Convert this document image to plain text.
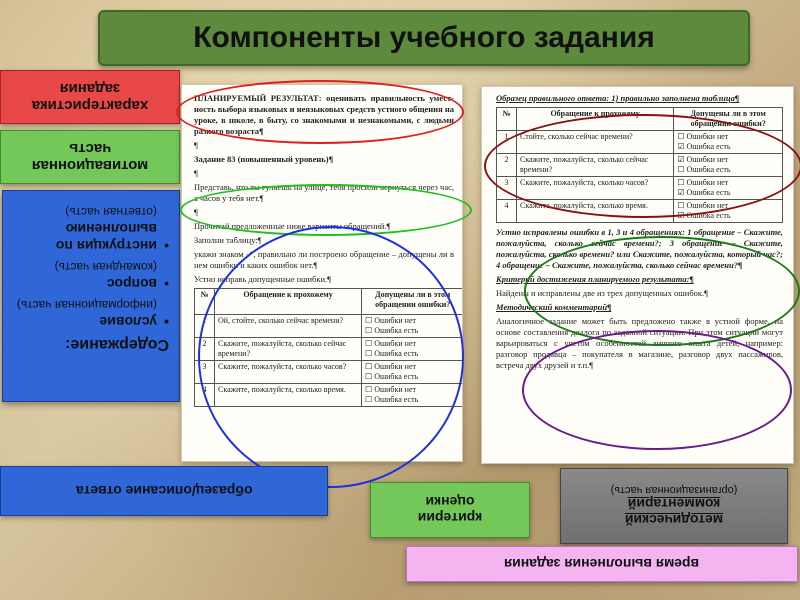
Компоненты учебного задания
характеристика задания
мотивационная часть
Содержание:
• условие
(информационная часть)
• вопрос
(командная часть)
• инструкция по выполнению
(ответная часть)

ПЛАНИРУЕМЫЙ РЕЗУЛЬТАТ: оценивать правильность умест- ность выбора языковых и неязыковых средств устного общения на уроке, в школе, в быту, со знакомыми и незнакомыми, с людьми разного возраста¶

¶

Задание 83 (повышенный уровень)¶

¶

Представь, что ты гуляешь на улице, тебя просили вернуться через час, а часов у тебя нет.¶

¶

Прочитай предложенные ниже варианты обращений.¶

Заполни таблицу:¶

укажи знаком ✓, правильно ли построено обращение – допущены ли в нем ошибки и каких ошибок нет.¶

Устно исправь допущенные ошибки.¶

№	Обращение к прохожему	Допущены ли в этом обращении ошибки?
1	Ой, стойте, сколько сейчас времени?	☐ Ошибки нет
☐ Ошибка есть
2	Скажите, пожалуйста, сколько сейчас времени?	☐ Ошибки нет
☐ Ошибка есть
3	Скажите, пожалуйста, сколько часов?	☐ Ошибки нет
☐ Ошибка есть
4	Скажите, пожалуйста, сколько время.	☐ Ошибки нет
☐ Ошибка есть

Образец правильного ответа: 1) правильно заполнена таблица¶

№	Обращение к прохожему	Допущены ли в этом обращении ошибки?
1	Стойте, сколько сейчас времени?	☐ Ошибки нет
☑ Ошибка есть
2	Скажите, пожалуйста, сколько сейчас времени?	☑ Ошибки нет
☐ Ошибка есть
3	Скажите, пожалуйста, сколько часов?	☐ Ошибки нет
☑ Ошибка есть
4	Скажите, пожалуйста, сколько время.	☐ Ошибки нет
☑ Ошибка есть

Устно исправлены ошибки в 1, 3 и 4 обращениях: 1 обращение – Скажите, пожалуйста, сколько сейчас времени?; 3 обращение – Скажите, пожалуйста, сколько времени? или Скажите, пожалуйста, который час?; 4 обращение – Скажите, пожалуйста, сколько сейчас времени?¶

Критерий достижения планируемого результата:¶

Найдены и исправлены две из трех допущенных ошибок.¶

Методический комментарий¶

Аналогичное задание может быть предложено также в устной форме, на основе составления диалога по заданной ситуации. При этом ситуации могут варьироваться с учетом особенностей личного опыта детей, например: разговор продавца – покупателя в магазине, разговор двух пассажиров, встреча двух друзей и т.п.¶

образец/описание ответа
критерии оценки
методический комментарий
(организационная часть)
время выполнения задания
